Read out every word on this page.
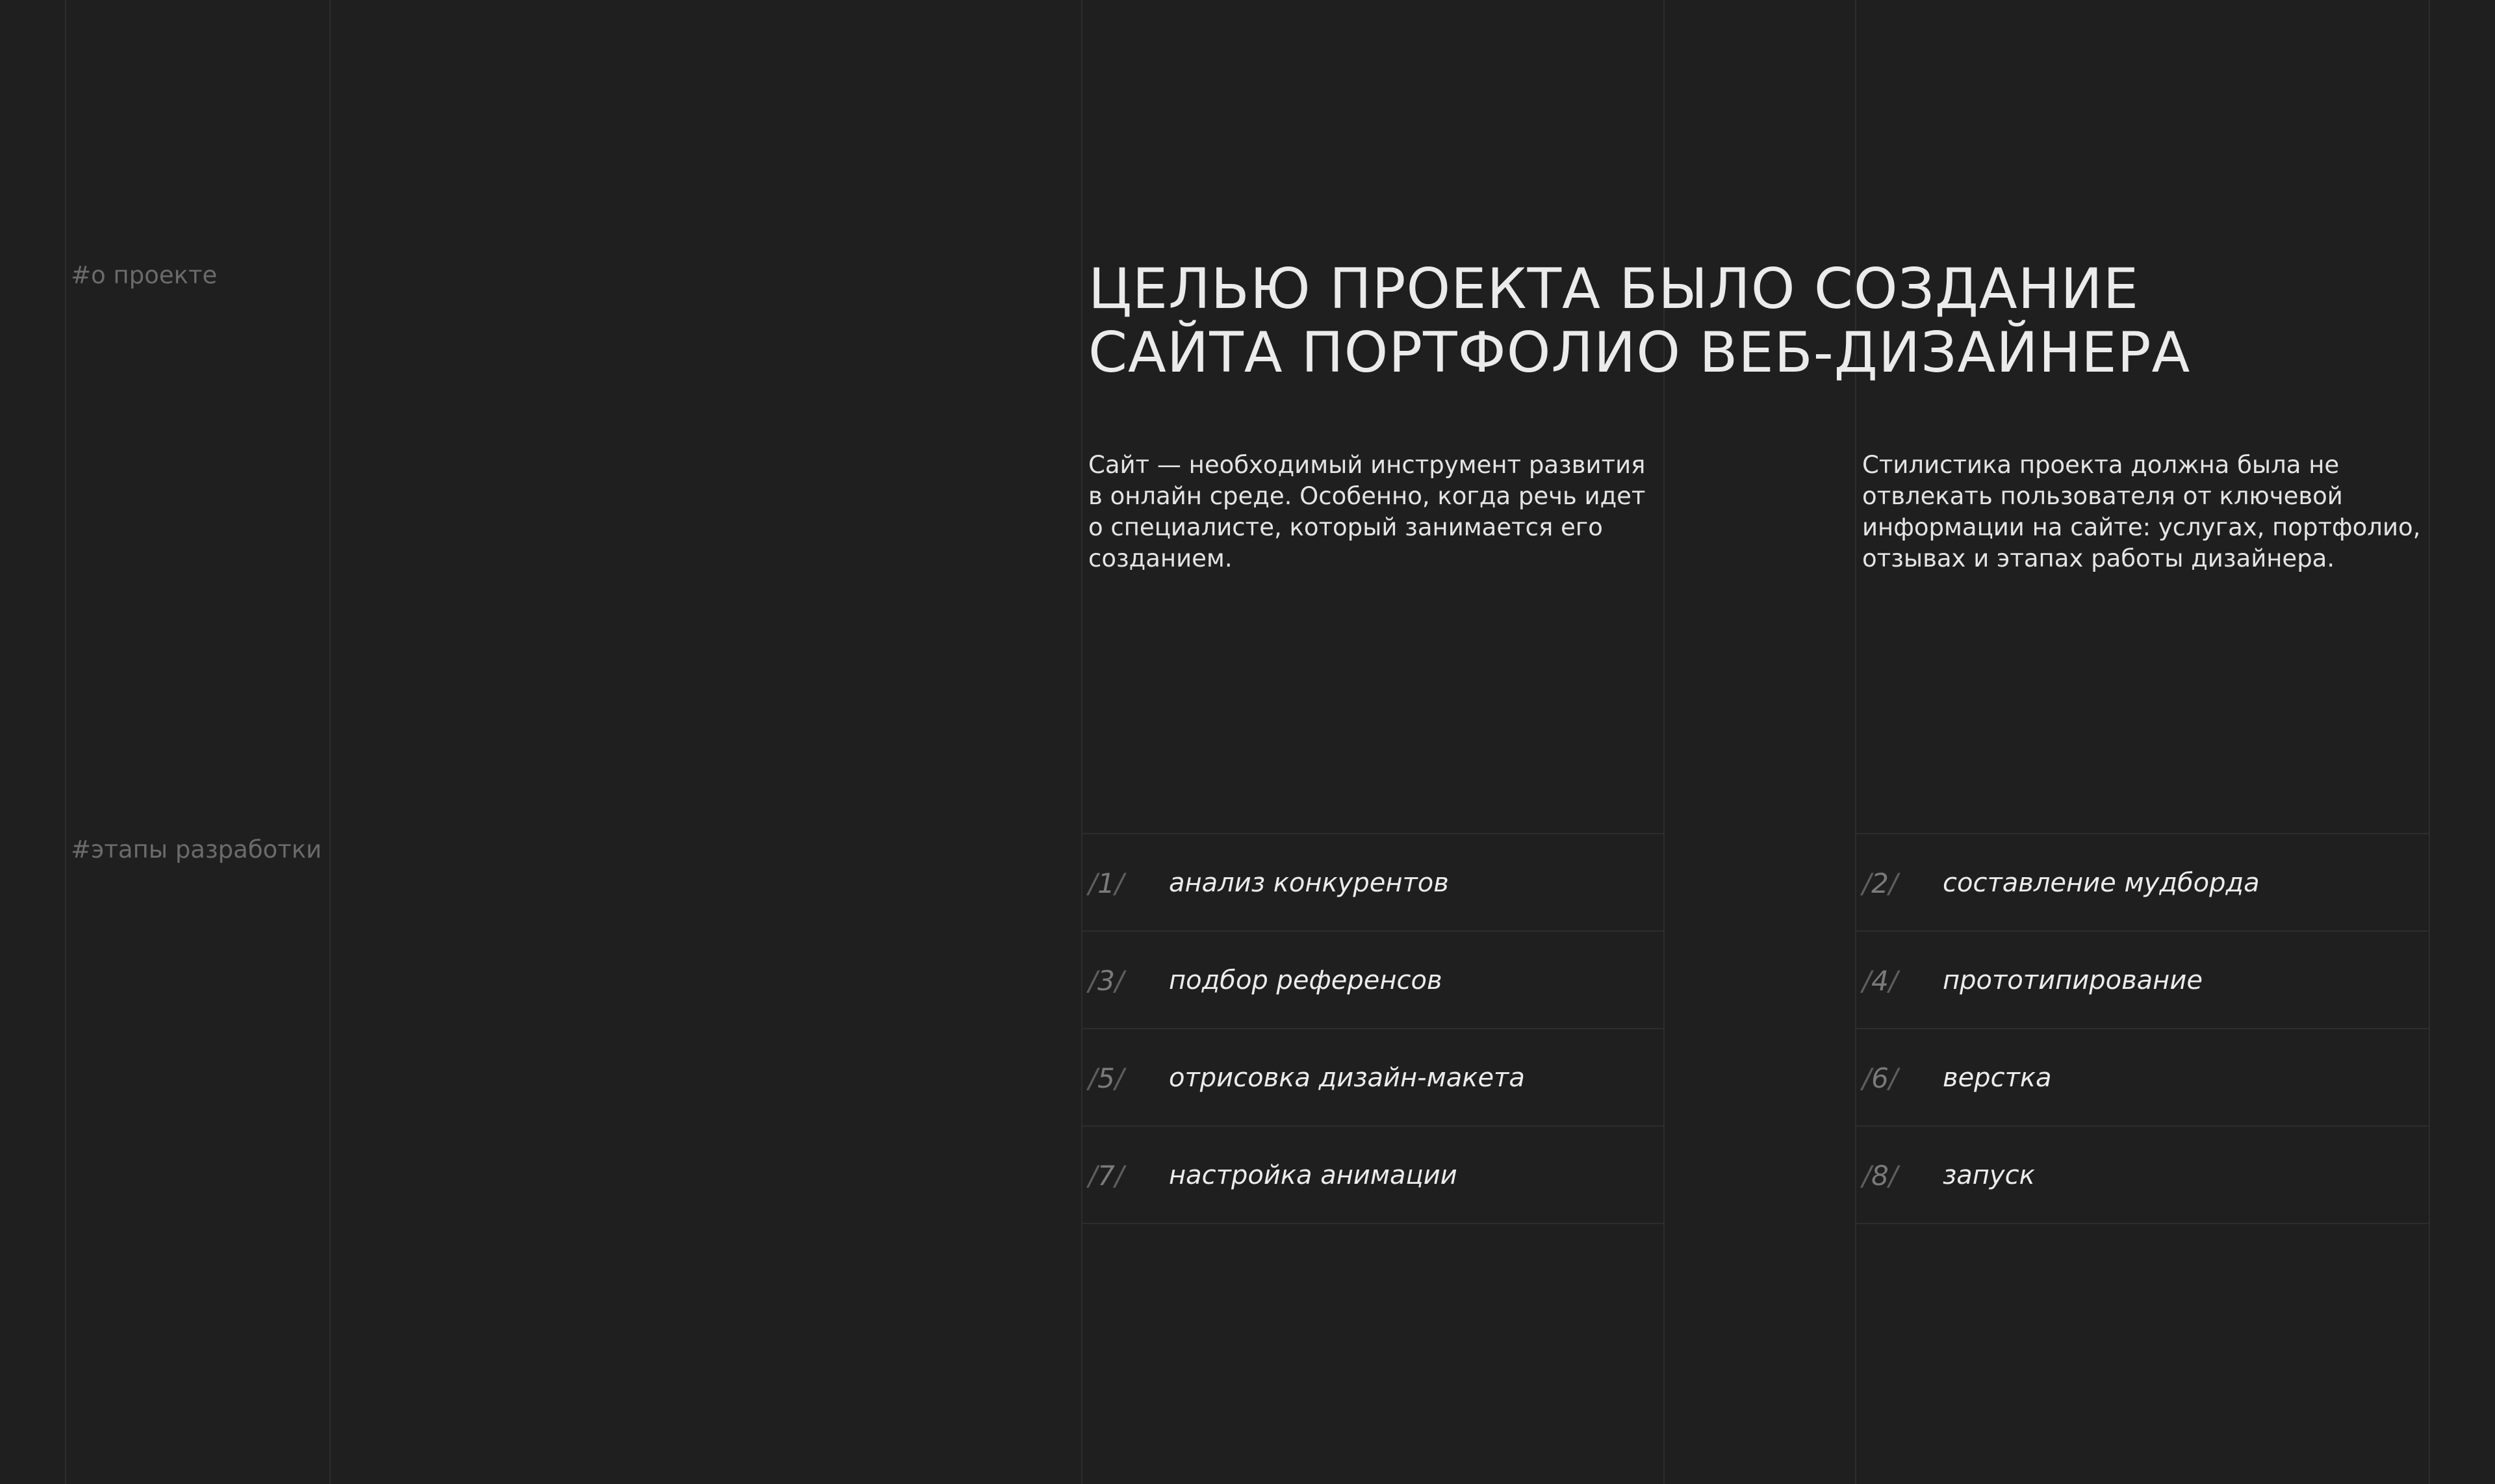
#о проекте
#этапы разработки
ЦЕЛЬЮ ПРОЕКТА БЫЛО СОЗДАНИЕ
САЙТА ПОРТФОЛИО ВЕБ-ДИЗАЙНЕРА

Сайт — необходимый инструмент развития в онлайн среде. Особенно, когда речь идет о специалисте, который занимается его созданием.

Стилистика проекта должна была не отвлекать пользователя от ключевой информации на сайте: услугах, портфолио, отзывах и этапах работы дизайнера.

/1/ анализ конкурентов
/3/ подбор референсов
/5/ отрисовка дизайн-макета
/7/ настройка анимации
/2/ составление мудборда
/4/ прототипирование
/6/ верстка
/8/ запуск
